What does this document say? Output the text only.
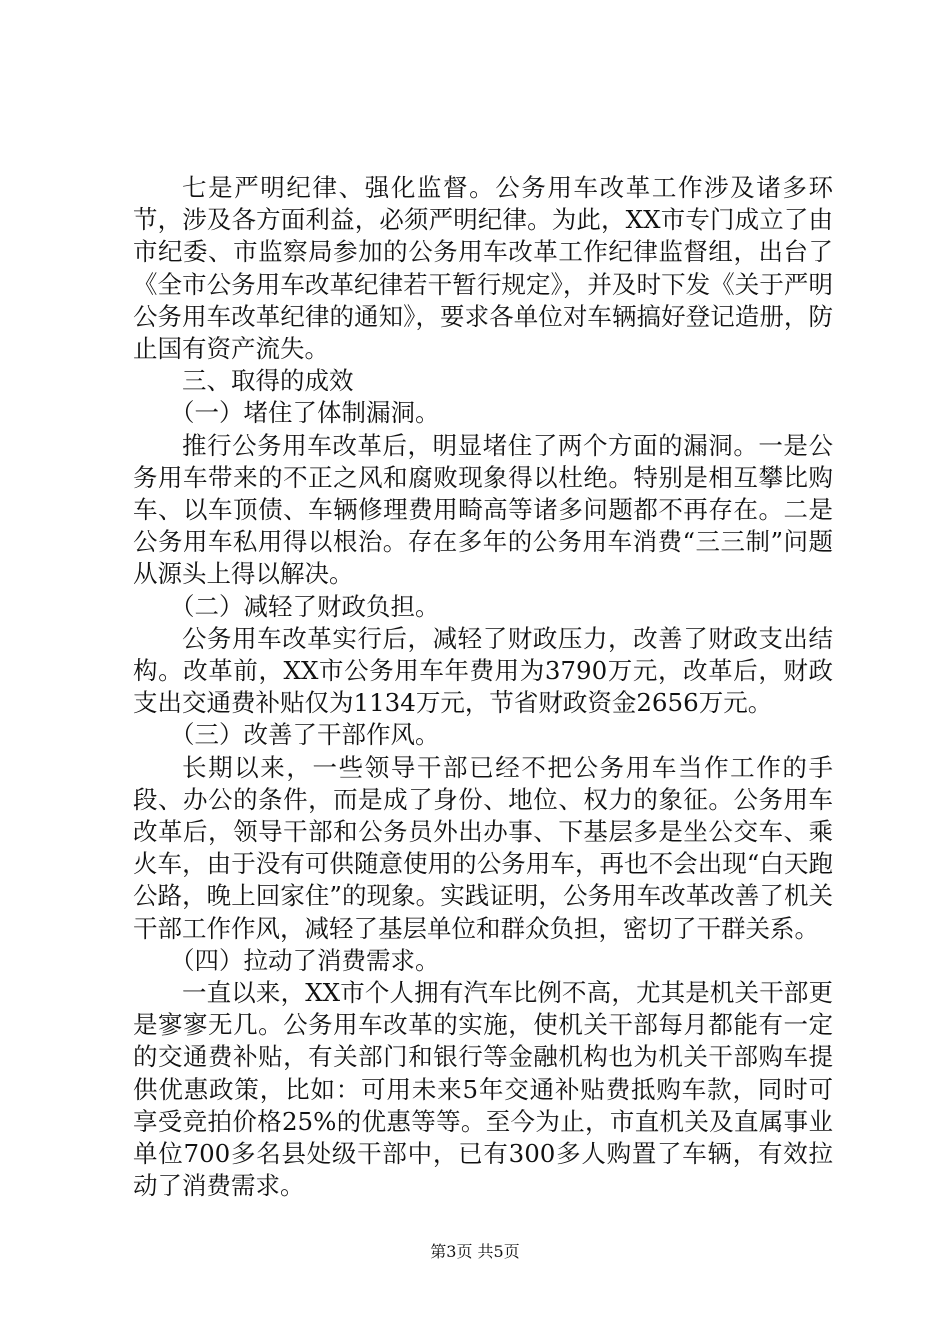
七是严明纪律、强化监督。公务用车改革工作涉及诸多环节，涉及各方面利益，必须严明纪律。为此，XX市专门成立了由市纪委、市监察局参加的公务用车改革工作纪律监督组，出台了《全市公务用车改革纪律若干暂行规定》，并及时下发《关于严明公务用车改革纪律的通知》，要求各单位对车辆搞好登记造册，防止国有资产流失。

三、取得的成效

（一）堵住了体制漏洞。

推行公务用车改革后，明显堵住了两个方面的漏洞。一是公务用车带来的不正之风和腐败现象得以杜绝。特别是相互攀比购车、以车顶债、车辆修理费用畸高等诸多问题都不再存在。二是公务用车私用得以根治。存在多年的公务用车消费“三三制”问题从源头上得以解决。

（二）减轻了财政负担。

公务用车改革实行后，减轻了财政压力，改善了财政支出结构。改革前，XX市公务用车年费用为3790万元，改革后，财政支出交通费补贴仅为1134万元，节省财政资金2656万元。

（三）改善了干部作风。

长期以来，一些领导干部已经不把公务用车当作工作的手段、办公的条件，而是成了身份、地位、权力的象征。公务用车改革后，领导干部和公务员外出办事、下基层多是坐公交车、乘火车，由于没有可供随意使用的公务用车，再也不会出现“白天跑公路，晚上回家住”的现象。实践证明，公务用车改革改善了机关干部工作作风，减轻了基层单位和群众负担，密切了干群关系。

（四）拉动了消费需求。

一直以来，XX市个人拥有汽车比例不高，尤其是机关干部更是寥寥无几。公务用车改革的实施，使机关干部每月都能有一定的交通费补贴，有关部门和银行等金融机构也为机关干部购车提供优惠政策，比如：可用未来5年交通补贴费抵购车款，同时可享受竞拍价格25%的优惠等等。至今为止，市直机关及直属事业单位700多名县处级干部中，已有300多人购置了车辆，有效拉动了消费需求。

第3页 共5页
